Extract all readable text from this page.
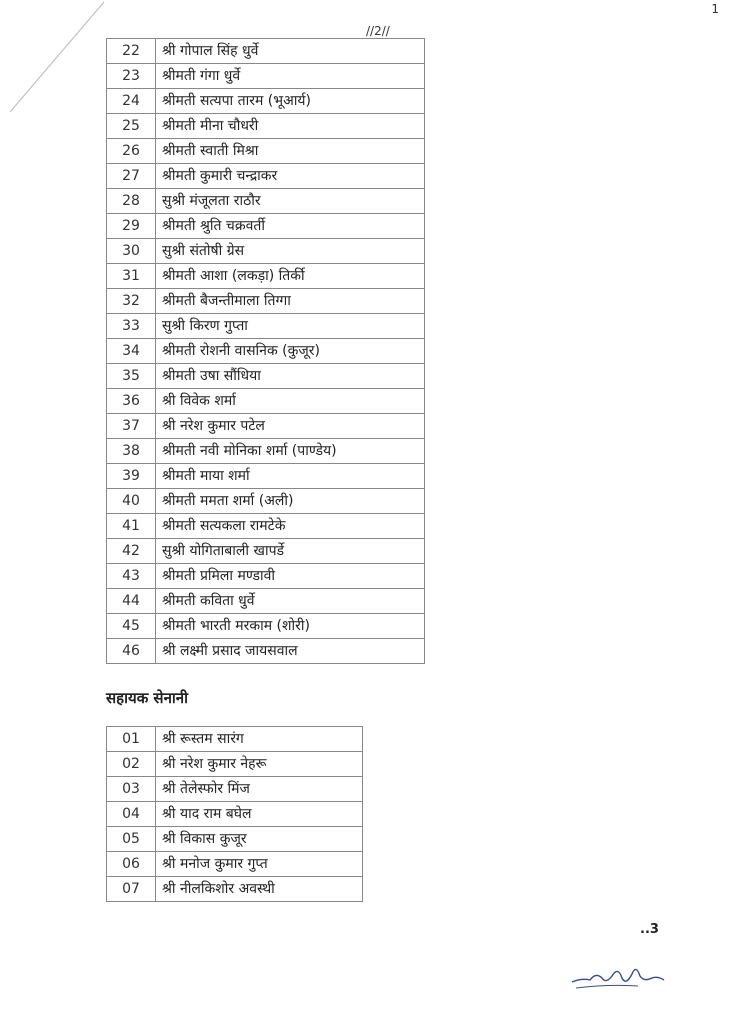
//2//
1
22	श्री गोपाल सिंह धुर्वे
23	श्रीमती गंगा धुर्वे
24	श्रीमती सत्यपा तारम (भूआर्य)
25	श्रीमती मीना चौधरी
26	श्रीमती स्वाती मिश्रा
27	श्रीमती कुमारी चन्द्राकर
28	सुश्री मंजूलता राठौर
29	श्रीमती श्रुति चक्रवर्ती
30	सुश्री संतोषी ग्रेस
31	श्रीमती आशा (लकड़ा) तिर्की
32	श्रीमती बैजन्तीमाला तिग्गा
33	सुश्री किरण गुप्ता
34	श्रीमती रोशनी वासनिक (कुजूर)
35	श्रीमती उषा सौंधिया
36	श्री विवेक शर्मा
37	श्री नरेश कुमार पटेल
38	श्रीमती नवी मोनिका शर्मा (पाण्डेय)
39	श्रीमती माया शर्मा
40	श्रीमती ममता शर्मा (अली)
41	श्रीमती सत्यकला रामटेके
42	सुश्री योगिताबाली खापर्डे
43	श्रीमती प्रमिला मण्डावी
44	श्रीमती कविता धुर्वे
45	श्रीमती भारती मरकाम (शोरी)
46	श्री लक्ष्मी प्रसाद जायसवाल
सहायक सेनानी
01	श्री रूस्तम सारंग
02	श्री नरेश कुमार नेहरू
03	श्री तेलेस्फोर मिंज
04	श्री याद राम बघेल
05	श्री विकास कुजूर
06	श्री मनोज कुमार गुप्त
07	श्री नीलकिशोर अवस्थी
..3
